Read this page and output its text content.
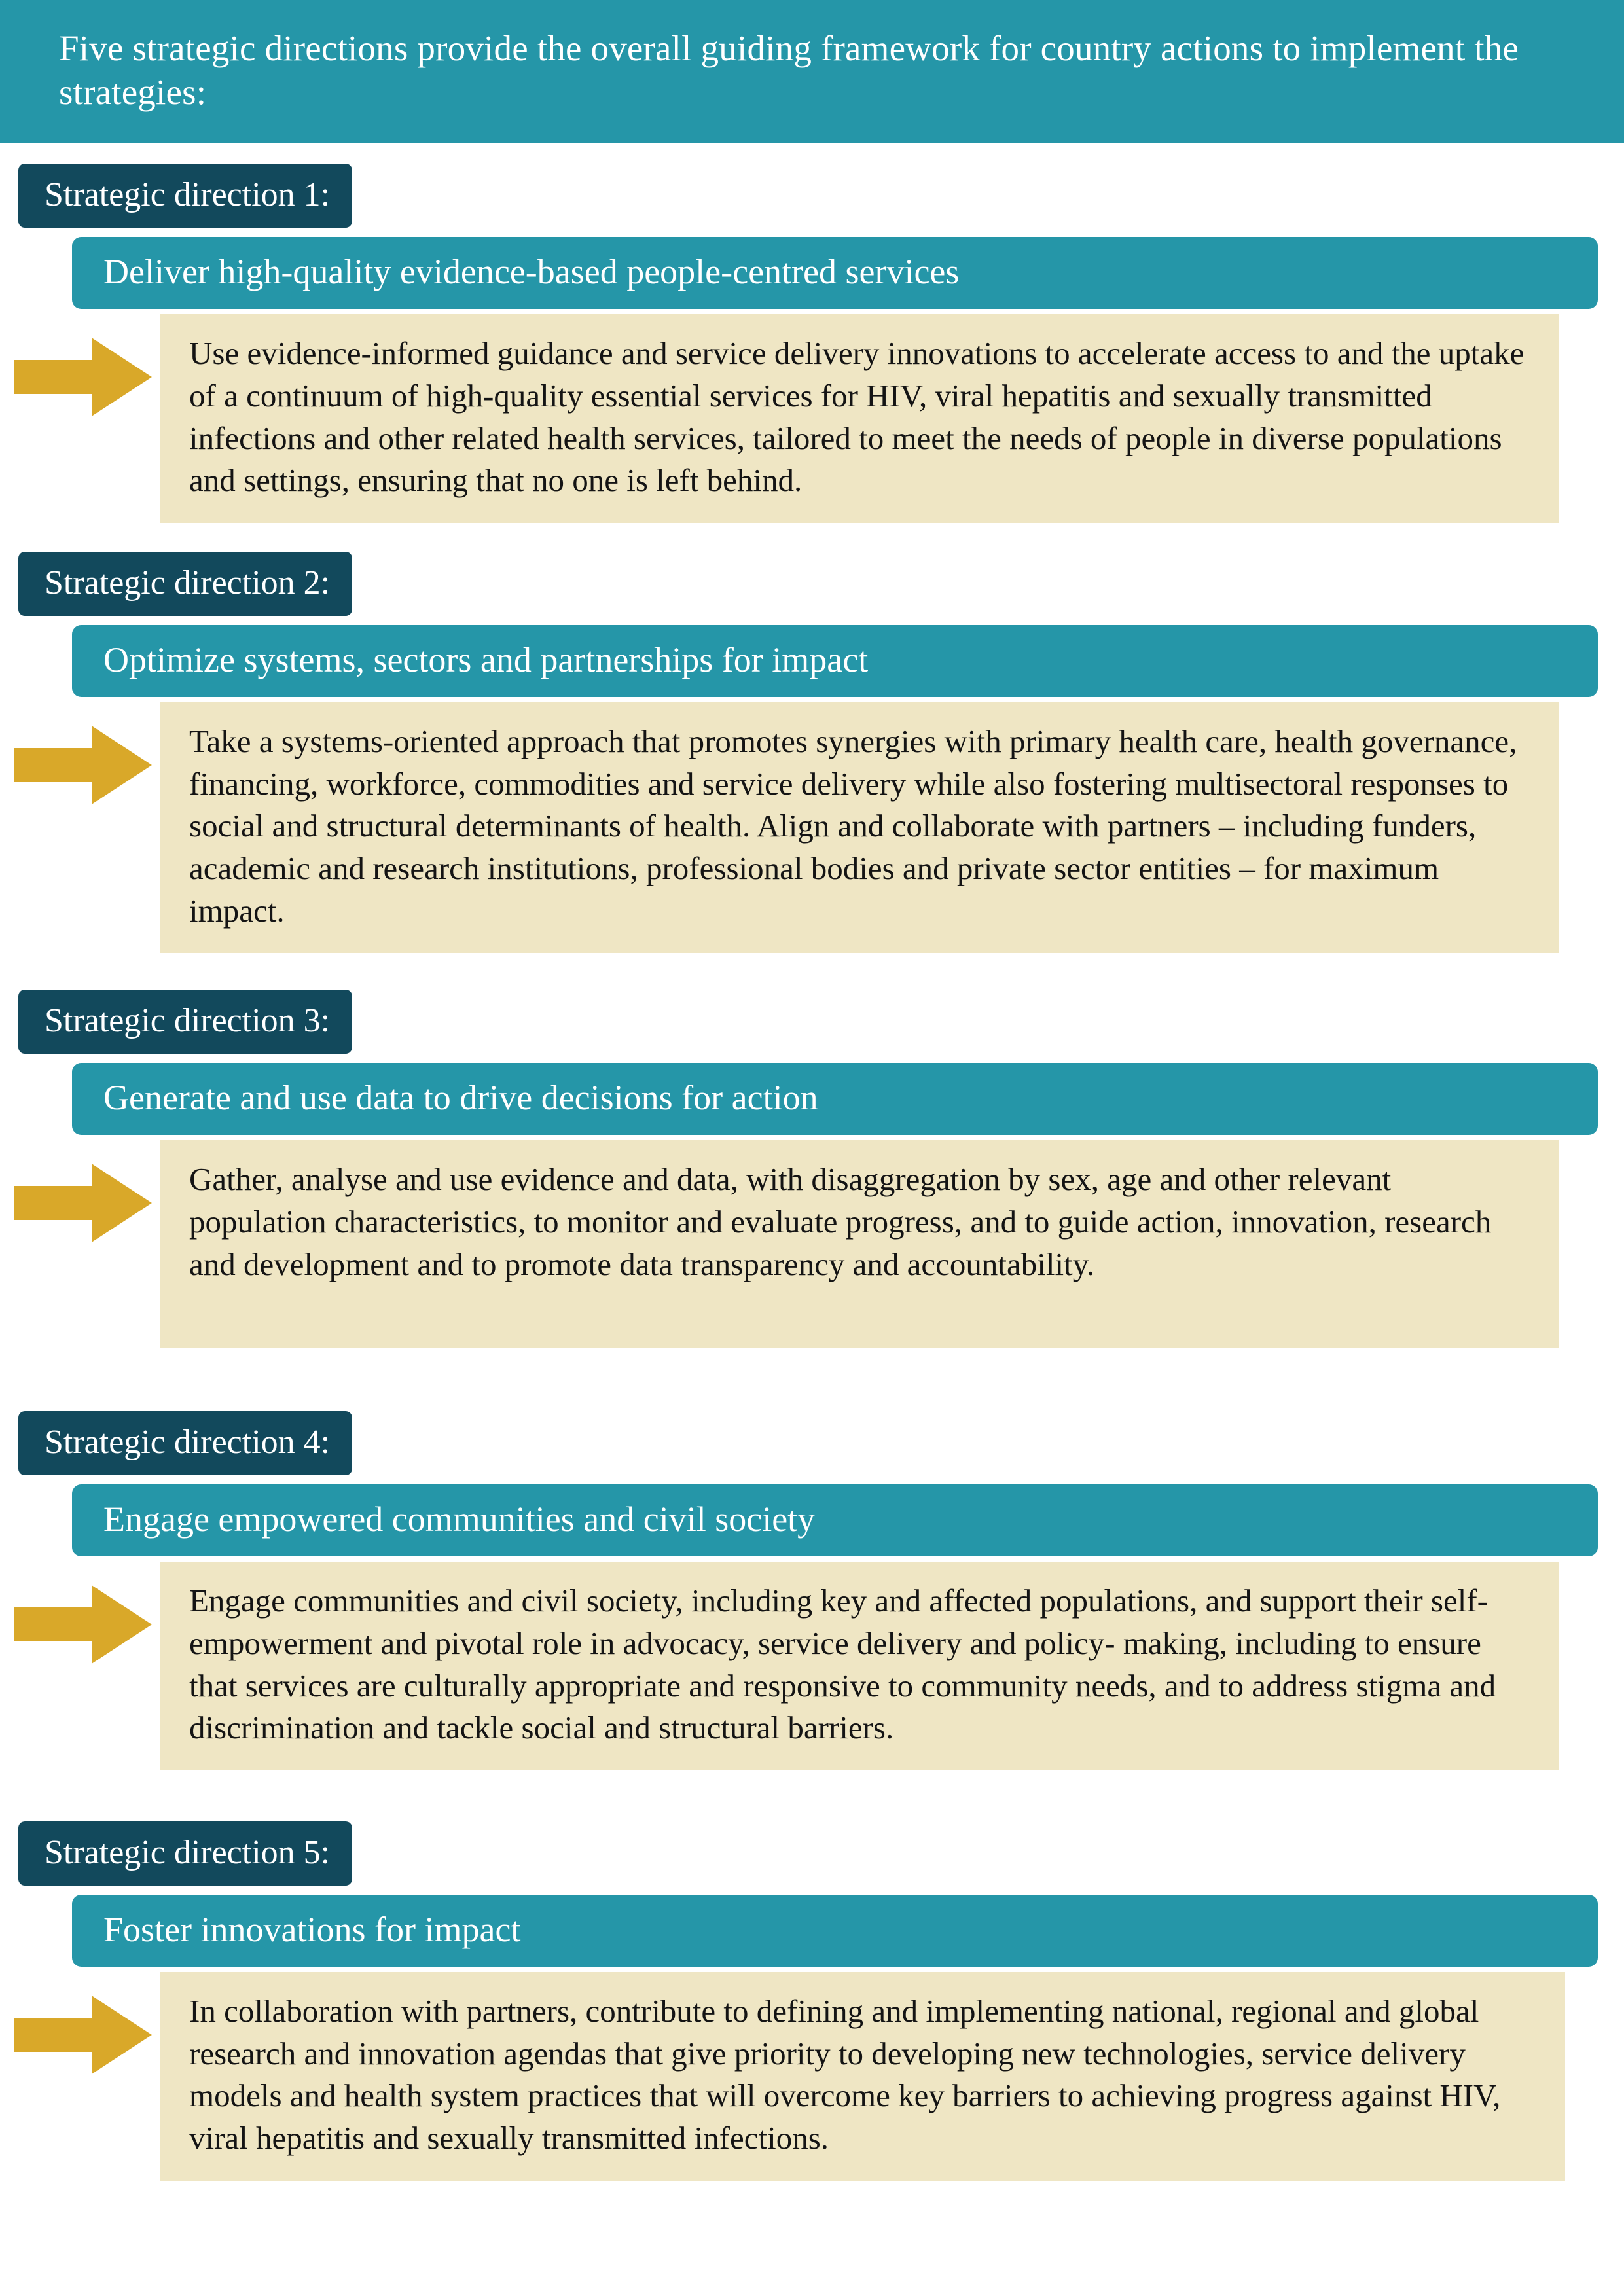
Five strategic directions provide the overall guiding framework for country actions to implement the strategies:
Strategic direction 1:
Deliver high-quality evidence-based people-centred services
Use evidence-informed guidance and service delivery innovations to accelerate access to and the uptake of a continuum of high-quality essential services for HIV, viral hepatitis and sexually transmitted infections and other related health services, tailored to meet the needs of people in diverse populations and settings, ensuring that no one is left behind.
Strategic direction 2:
Optimize systems, sectors and partnerships for impact
Take a systems-oriented approach that promotes synergies with primary health care, health governance, financing, workforce, commodities and service delivery while also fostering multisectoral responses to social and structural determinants of health. Align and collaborate with partners – including funders, academic and research institutions, professional bodies and private sector entities – for maximum impact.
Strategic direction 3:
Generate and use data to drive decisions for action
Gather, analyse and use evidence and data, with disaggregation by sex, age and other relevant population characteristics, to monitor and evaluate progress, and to guide action, innovation, research and development and to promote data transparency and accountability.
Strategic direction 4:
Engage empowered communities and civil society
Engage communities and civil society, including key and affected populations, and support their self-empowerment and pivotal role in advocacy, service delivery and policy- making, including to ensure that services are culturally appropriate and responsive to community needs, and to address stigma and discrimination and tackle social and structural barriers.
Strategic direction 5:
Foster innovations for impact
In collaboration with partners, contribute to defining and implementing national, regional and global research and innovation agendas that give priority to developing new technologies, service delivery models and health system practices that will overcome key barriers to achieving progress against HIV, viral hepatitis and sexually transmitted infections.
